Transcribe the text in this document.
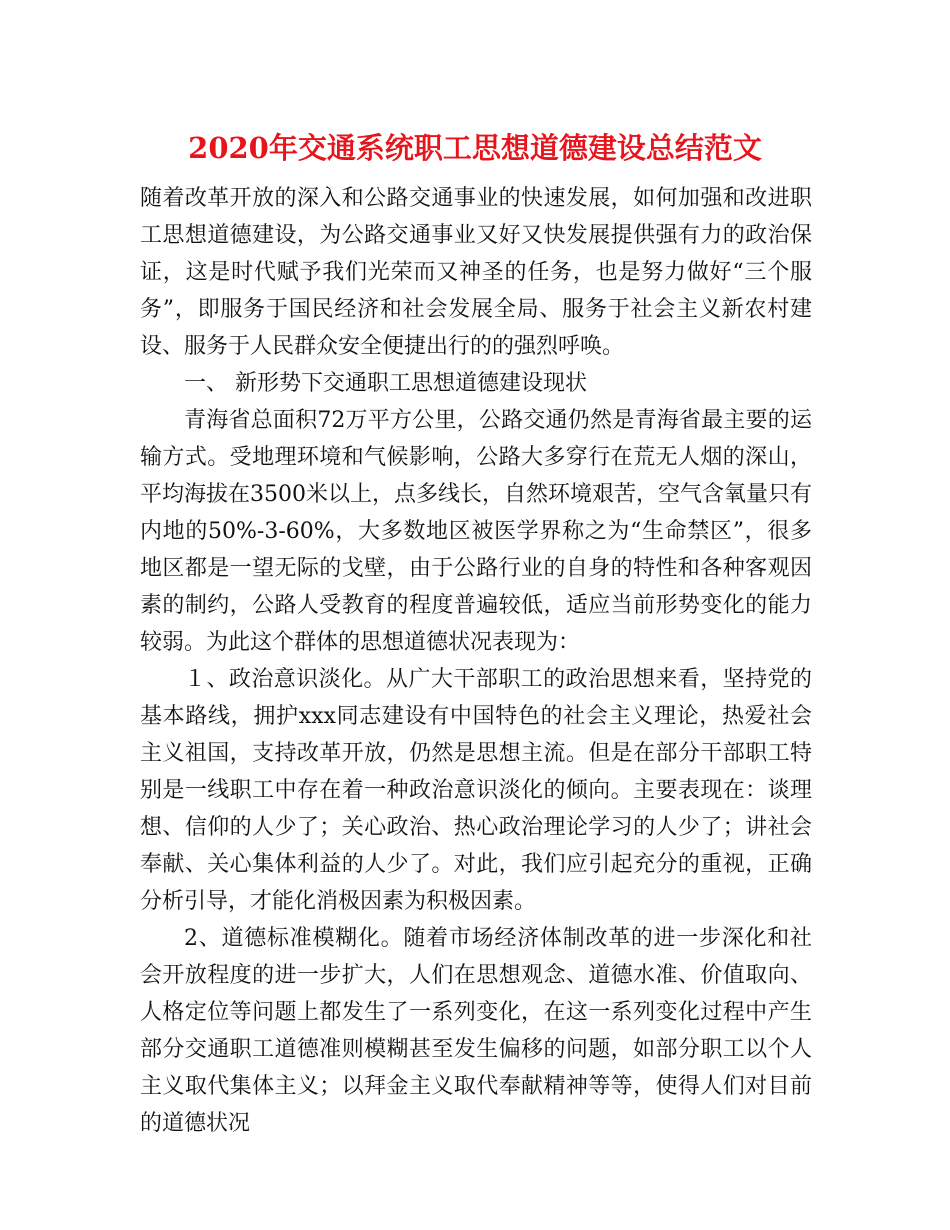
2020年交通系统职工思想道德建设总结范文

随着改革开放的深入和公路交通事业的快速发展，如何加强和改进职工思想道德建设，为公路交通事业又好又快发展提供强有力的政治保证，这是时代赋予我们光荣而又神圣的任务，也是努力做好“三个服务”，即服务于国民经济和社会发展全局、服务于社会主义新农村建设、服务于人民群众安全便捷出行的的强烈呼唤。

一、 新形势下交通职工思想道德建设现状

青海省总面积72万平方公里，公路交通仍然是青海省最主要的运输方式。受地理环境和气候影响，公路大多穿行在荒无人烟的深山，平均海拔在3500米以上，点多线长，自然环境艰苦，空气含氧量只有内地的50%-3-60%，大多数地区被医学界称之为“生命禁区”，很多地区都是一望无际的戈壁，由于公路行业的自身的特性和各种客观因素的制约，公路人受教育的程度普遍较低，适应当前形势变化的能力较弱。为此这个群体的思想道德状况表现为：

１、政治意识淡化。从广大干部职工的政治思想来看，坚持党的基本路线，拥护xxx同志建设有中国特色的社会主义理论，热爱社会主义祖国，支持改革开放，仍然是思想主流。但是在部分干部职工特别是一线职工中存在着一种政治意识淡化的倾向。主要表现在：谈理想、信仰的人少了；关心政治、热心政治理论学习的人少了；讲社会奉献、关心集体利益的人少了。对此，我们应引起充分的重视，正确分析引导，才能化消极因素为积极因素。

2、道德标准模糊化。随着市场经济体制改革的进一步深化和社会开放程度的进一步扩大，人们在思想观念、道德水准、价值取向、人格定位等问题上都发生了一系列变化，在这一系列变化过程中产生部分交通职工道德准则模糊甚至发生偏移的问题，如部分职工以个人主义取代集体主义；以拜金主义取代奉献精神等等，使得人们对目前的道德状况
